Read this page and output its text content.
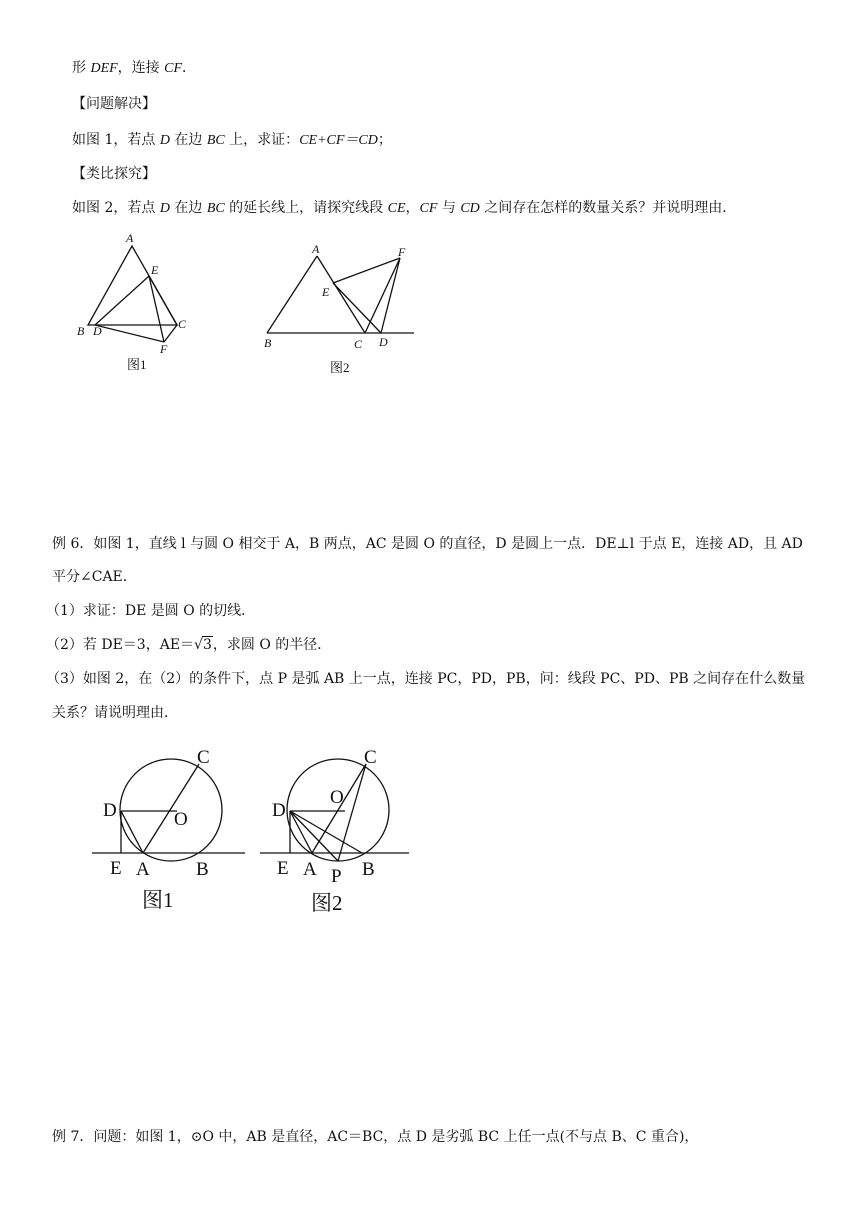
形 DEF，连接 CF．
【问题解决】
如图 1，若点 D 在边 BC 上，求证：CE+CF＝CD；
【类比探究】
如图 2，若点 D 在边 BC 的延长线上，请探究线段 CE，CF 与 CD 之间存在怎样的数量关系？并说明理由．
A
E
B D	C
F
图1
A	F
E
B	C D
图2
例 6．如图 1，直线 l 与圆 O 相交于 A，B 两点，AC 是圆 O 的直径，D 是圆上一点．DE⊥l 于点 E，连接 AD，且 AD
平分∠CAE．
（1）求证：DE 是圆 O 的切线．
（2）若 DE＝3，AE＝√3，求圆 O 的半径．
（3）如图 2，在（2）的条件下，点 P 是弧 AB 上一点，连接 PC，PD，PB，问：线段 PC、PD、PB 之间存在什么数量
关系？请说明理由．
C
D	O
E A B
图1
C
D
O
E A P B
图2
例 7．问题：如图 1，⊙O 中，AB 是直径，AC＝BC，点 D 是劣弧 BC 上任一点(不与点 B、C 重合)，
